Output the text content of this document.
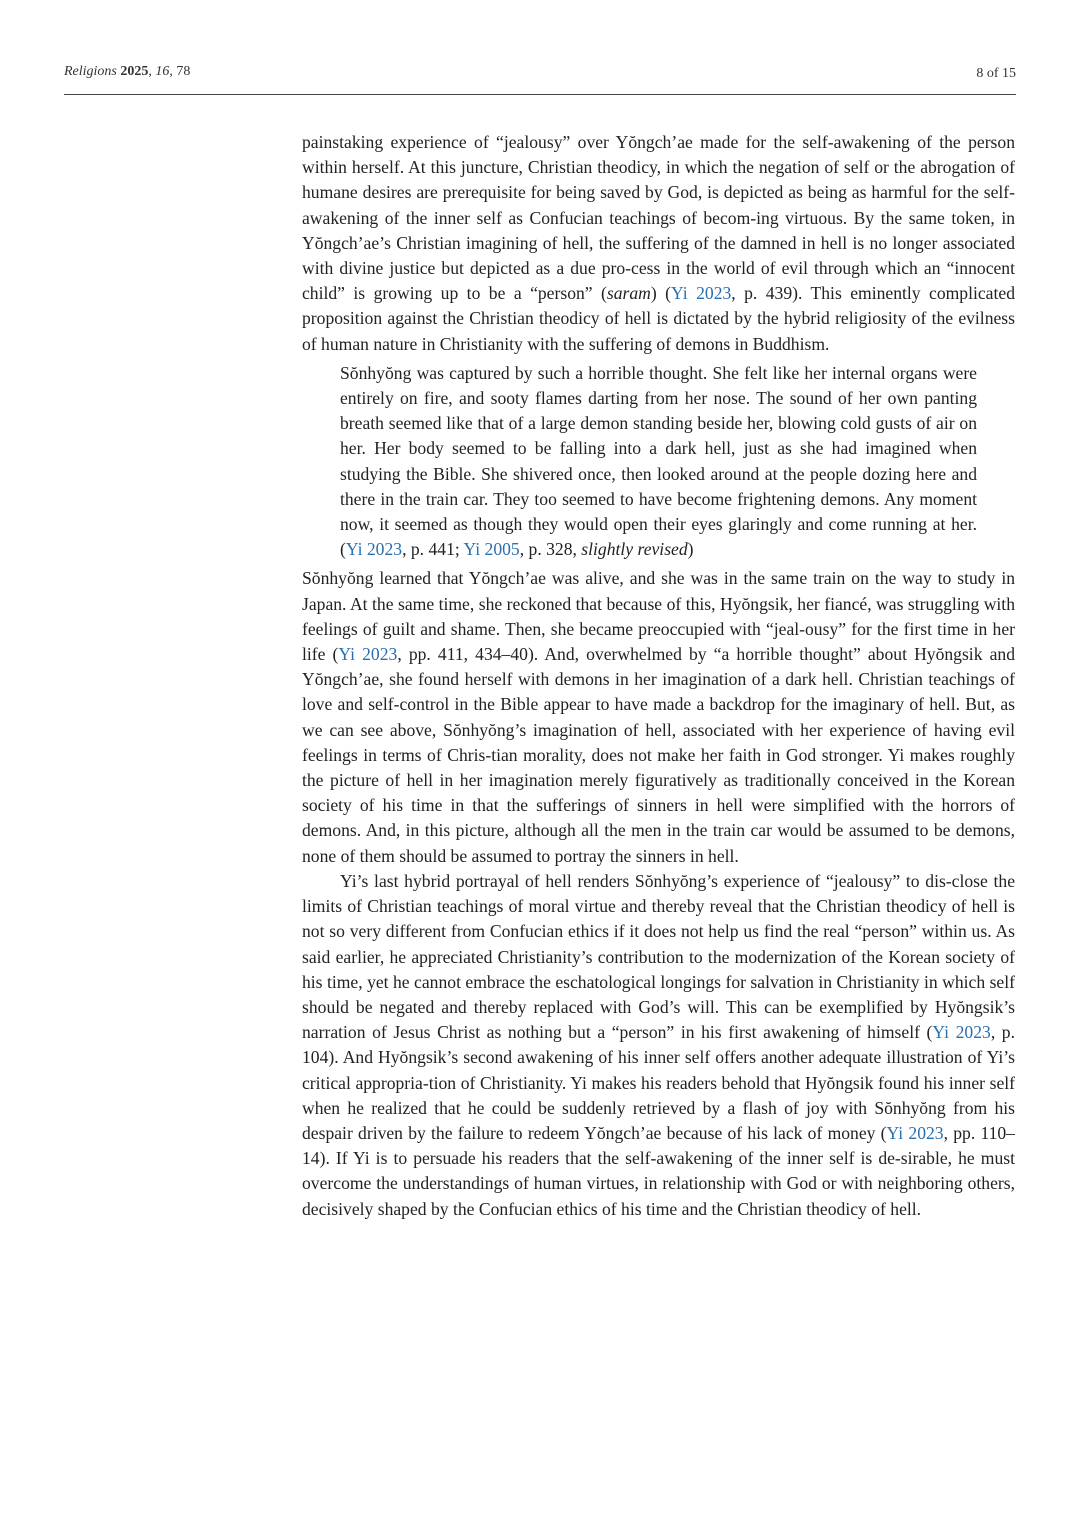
Religions 2025, 16, 78	8 of 15

painstaking experience of “jealousy” over Yŏngch’ae made for the self-awakening of the person within herself. At this juncture, Christian theodicy, in which the negation of self or the abrogation of humane desires are prerequisite for being saved by God, is depicted as being as harmful for the self-awakening of the inner self as Confucian teachings of becom-ing virtuous. By the same token, in Yŏngch’ae’s Christian imagining of hell, the suffering of the damned in hell is no longer associated with divine justice but depicted as a due pro-cess in the world of evil through which an “innocent child” is growing up to be a “person” (saram) (Yi 2023, p. 439). This eminently complicated proposition against the Christian theodicy of hell is dictated by the hybrid religiosity of the evilness of human nature in Christianity with the suffering of demons in Buddhism.

Sŏnhyŏng was captured by such a horrible thought. She felt like her internal organs were entirely on fire, and sooty flames darting from her nose. The sound of her own panting breath seemed like that of a large demon standing beside her, blowing cold gusts of air on her. Her body seemed to be falling into a dark hell, just as she had imagined when studying the Bible. She shivered once, then looked around at the people dozing here and there in the train car. They too seemed to have become frightening demons. Any moment now, it seemed as though they would open their eyes glaringly and come running at her. (Yi 2023, p. 441; Yi 2005, p. 328, slightly revised)

Sŏnhyŏng learned that Yŏngch’ae was alive, and she was in the same train on the way to study in Japan. At the same time, she reckoned that because of this, Hyŏngsik, her fiancé, was struggling with feelings of guilt and shame. Then, she became preoccupied with “jeal-ousy” for the first time in her life (Yi 2023, pp. 411, 434–40). And, overwhelmed by “a horrible thought” about Hyŏngsik and Yŏngch’ae, she found herself with demons in her imagination of a dark hell. Christian teachings of love and self-control in the Bible appear to have made a backdrop for the imaginary of hell. But, as we can see above, Sŏnhyŏng’s imagination of hell, associated with her experience of having evil feelings in terms of Chris-tian morality, does not make her faith in God stronger. Yi makes roughly the picture of hell in her imagination merely figuratively as traditionally conceived in the Korean society of his time in that the sufferings of sinners in hell were simplified with the horrors of demons. And, in this picture, although all the men in the train car would be assumed to be demons, none of them should be assumed to portray the sinners in hell.

Yi’s last hybrid portrayal of hell renders Sŏnhyŏng’s experience of “jealousy” to dis-close the limits of Christian teachings of moral virtue and thereby reveal that the Christian theodicy of hell is not so very different from Confucian ethics if it does not help us find the real “person” within us. As said earlier, he appreciated Christianity’s contribution to the modernization of the Korean society of his time, yet he cannot embrace the eschatological longings for salvation in Christianity in which self should be negated and thereby replaced with God’s will. This can be exemplified by Hyŏngsik’s narration of Jesus Christ as nothing but a “person” in his first awakening of himself (Yi 2023, p. 104). And Hyŏngsik’s second awakening of his inner self offers another adequate illustration of Yi’s critical appropria-tion of Christianity. Yi makes his readers behold that Hyŏngsik found his inner self when he realized that he could be suddenly retrieved by a flash of joy with Sŏnhyŏng from his despair driven by the failure to redeem Yŏngch’ae because of his lack of money (Yi 2023, pp. 110–14). If Yi is to persuade his readers that the self-awakening of the inner self is de-sirable, he must overcome the understandings of human virtues, in relationship with God or with neighboring others, decisively shaped by the Confucian ethics of his time and the Christian theodicy of hell.
